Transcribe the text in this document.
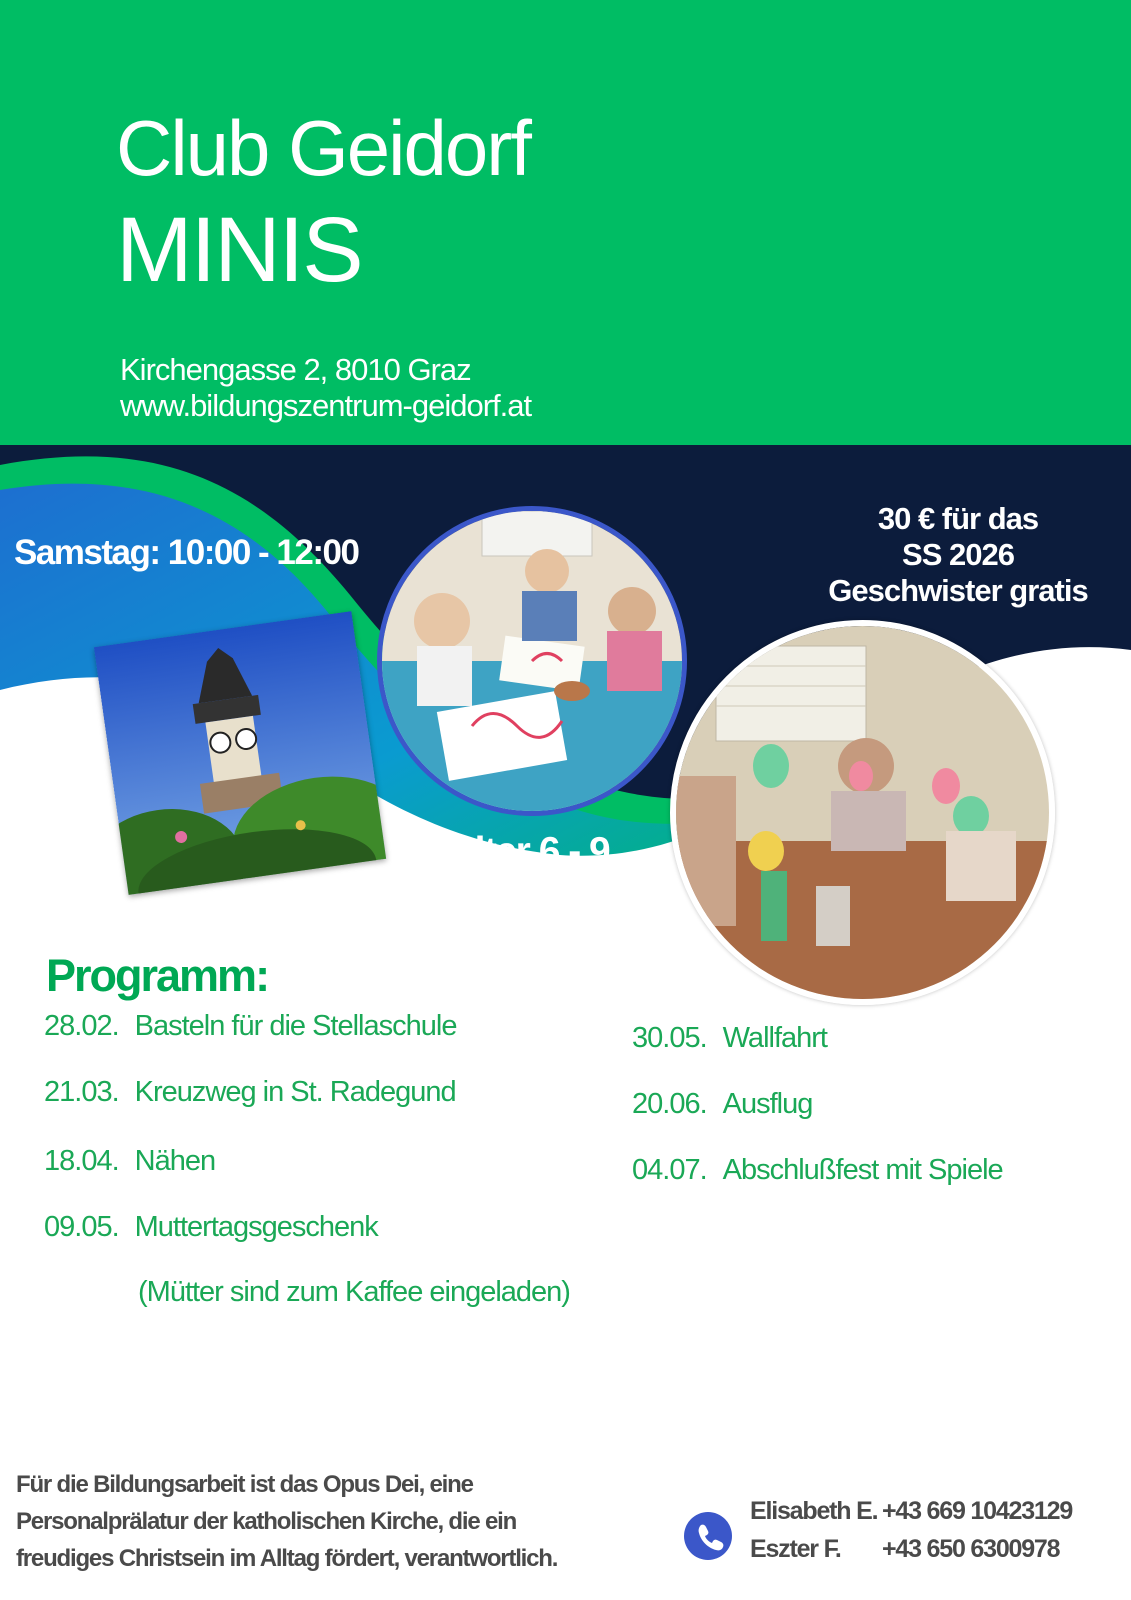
Club Geidorf
MINIS
Kirchengasse 2, 8010 Graz
www.bildungszentrum-geidorf.at
Samstag: 10:00 - 12:00
30 € für das
SS 2026
Geschwister gratis
Alter 6 - 9
Programm:
28.02. Basteln für die Stellaschule
21.03. Kreuzweg in St. Radegund
18.04. Nähen
09.05. Muttertagsgeschenk
(Mütter sind zum Kaffee eingeladen)
30.05. Wallfahrt
20.06. Ausflug
04.07. Abschlußfest mit Spiele
Für die Bildungsarbeit ist das Opus Dei, eine
Personalprälatur der katholischen Kirche, die ein
freudiges Christsein im Alltag fördert, verantwortlich.
Elisabeth E. +43 669 10423129
Eszter F. +43 650 6300978
